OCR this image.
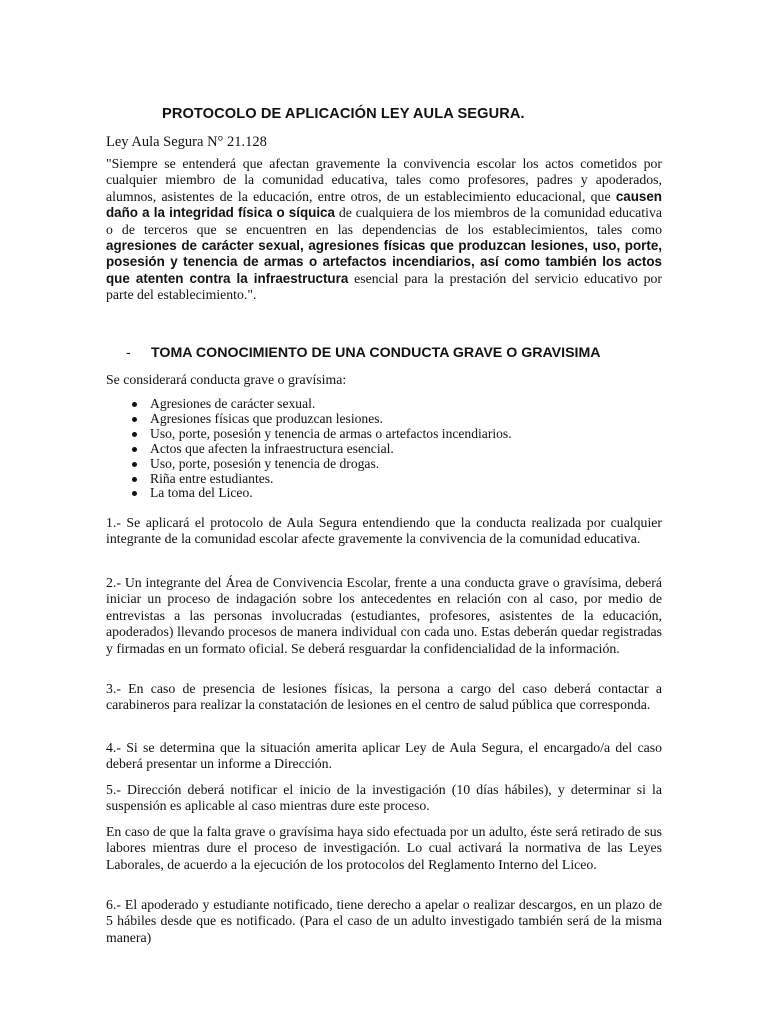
PROTOCOLO DE APLICACIÓN LEY AULA SEGURA.
Ley Aula Segura N° 21.128
"Siempre se entenderá que afectan gravemente la convivencia escolar los actos cometidos por cualquier miembro de la comunidad educativa, tales como profesores, padres y apoderados, alumnos, asistentes de la educación, entre otros, de un establecimiento educacional, que causen daño a la integridad física o síquica de cualquiera de los miembros de la comunidad educativa o de terceros que se encuentren en las dependencias de los establecimientos, tales como agresiones de carácter sexual, agresiones físicas que produzcan lesiones, uso, porte, posesión y tenencia de armas o artefactos incendiarios, así como también los actos que atenten contra la infraestructura esencial para la prestación del servicio educativo por parte del establecimiento.".
- TOMA CONOCIMIENTO DE UNA CONDUCTA GRAVE O GRAVISIMA
Se considerará conducta grave o gravísima:
Agresiones de carácter sexual.
Agresiones físicas que produzcan lesiones.
Uso, porte, posesión y tenencia de armas o artefactos incendiarios.
Actos que afecten la infraestructura esencial.
Uso, porte, posesión y tenencia de drogas.
Riña entre estudiantes.
La toma del Liceo.
1.- Se aplicará el protocolo de Aula Segura entendiendo que la conducta realizada por cualquier integrante de la comunidad escolar afecte gravemente la convivencia de la comunidad educativa.
2.- Un integrante del Área de Convivencia Escolar, frente a una conducta grave o gravísima, deberá iniciar un proceso de indagación sobre los antecedentes en relación con al caso, por medio de entrevistas a las personas involucradas (estudiantes, profesores, asistentes de la educación, apoderados) llevando procesos de manera individual con cada uno. Estas deberán quedar registradas y firmadas en un formato oficial. Se deberá resguardar la confidencialidad de la información.
3.- En caso de presencia de lesiones físicas, la persona a cargo del caso deberá contactar a carabineros para realizar la constatación de lesiones en el centro de salud pública que corresponda.
4.- Si se determina que la situación amerita aplicar Ley de Aula Segura, el encargado/a del caso deberá presentar un informe a Dirección.
5.- Dirección deberá notificar el inicio de la investigación (10 días hábiles), y determinar si la suspensión es aplicable al caso mientras dure este proceso.
En caso de que la falta grave o gravísima haya sido efectuada por un adulto, éste será retirado de sus labores mientras dure el proceso de investigación. Lo cual activará la normativa de las Leyes Laborales, de acuerdo a la ejecución de los protocolos del Reglamento Interno del Liceo.
6.- El apoderado y estudiante notificado, tiene derecho a apelar o realizar descargos, en un plazo de 5 hábiles desde que es notificado. (Para el caso de un adulto investigado también será de la misma manera)
